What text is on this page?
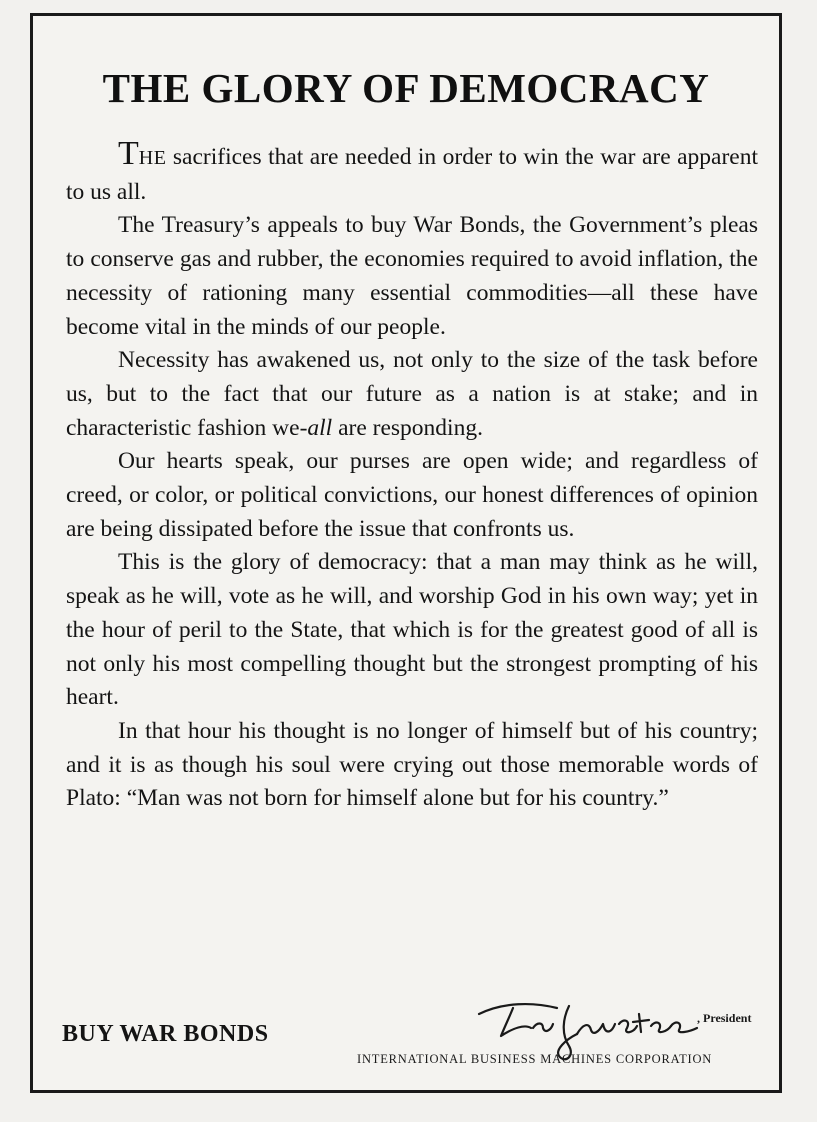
THE GLORY OF DEMOCRACY

THE sacrifices that are needed in order to win the war are apparent to us all.

The Treasury’s appeals to buy War Bonds, the Government’s pleas to conserve gas and rubber, the economies required to avoid inflation, the necessity of rationing many essential commodities—all these have become vital in the minds of our people.

Necessity has awakened us, not only to the size of the task before us, but to the fact that our future as a nation is at stake; and in characteristic fashion we-all are responding.

Our hearts speak, our purses are open wide; and regardless of creed, or color, or political convictions, our honest differences of opinion are being dissipated before the issue that confronts us.

This is the glory of democracy: that a man may think as he will, speak as he will, vote as he will, and worship God in his own way; yet in the hour of peril to the State, that which is for the greatest good of all is not only his most compelling thought but the strongest prompting of his heart.

In that hour his thought is no longer of himself but of his country; and it is as though his soul were crying out those memorable words of Plato: “Man was not born for himself alone but for his country.”

BUY WAR BONDS
, President
INTERNATIONAL BUSINESS MACHINES CORPORATION
